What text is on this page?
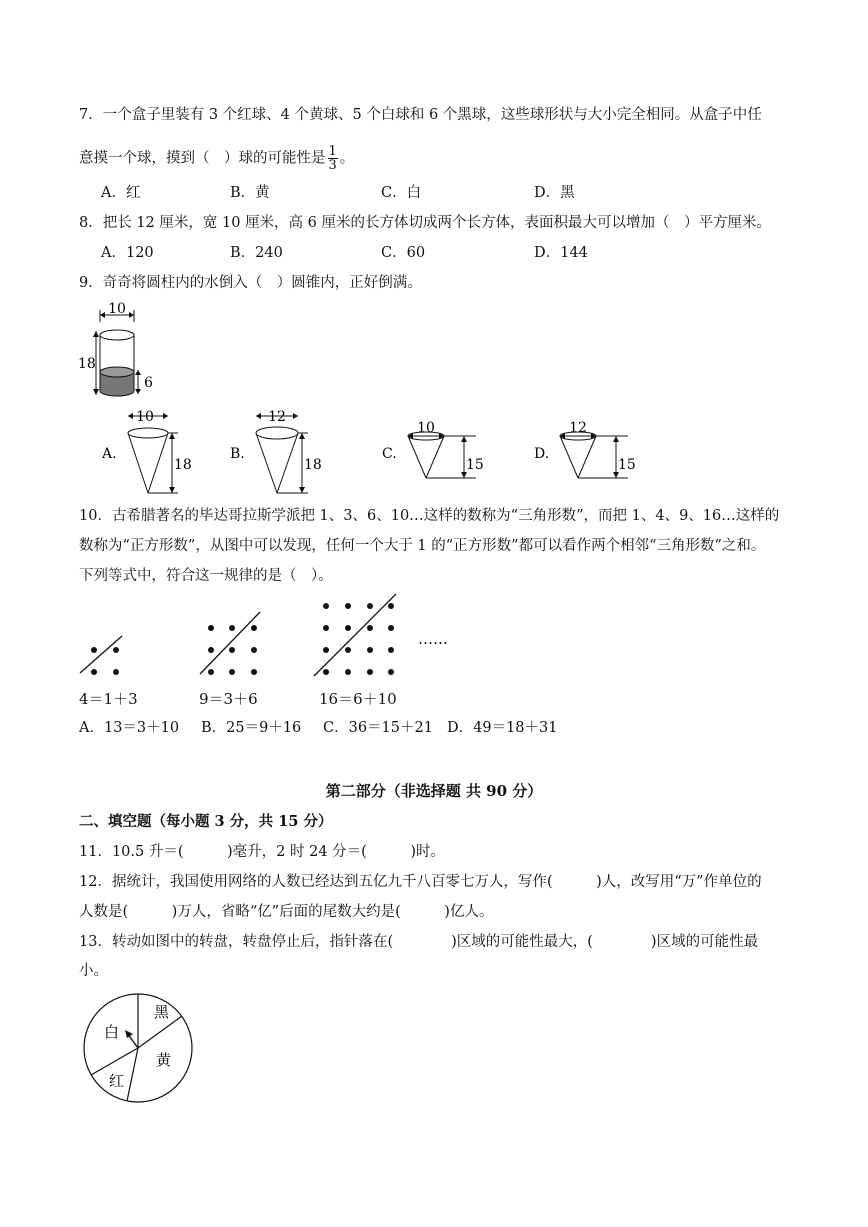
7．一个盒子里装有 3 个红球、4 个黄球、5 个白球和 6 个黑球，这些球形状与大小完全相同。从盒子中任
意摸一个球，摸到（　）球的可能性是 $\frac{1}{3}$ 。
A．红	B．黄	C．白	D．黑
8．把长 12 厘米，宽 10 厘米，高 6 厘米的长方体切成两个长方体，表面积最大可以增加（　）平方厘米。
A．120	B．240	C．60	D．144
9．奇奇将圆柱内的水倒入（　）圆锥内，正好倒满。
10
18
6
A.
10
18
B.
12
18
C.
10
15
D.
12
15
10．古希腊著名的毕达哥拉斯学派把 1、3、6、10…这样的数称为“三角形数”，而把 1、4、9、16…这样的
数称为“正方形数”，从图中可以发现，任何一个大于 1 的“正方形数”都可以看作两个相邻“三角形数”之和。
下列等式中，符合这一规律的是（　）。
……
4＝1＋3	9＝3＋6	16＝6＋10
A．13＝3＋10 B．25＝9＋16 C．36＝15＋21 D．49＝18＋31
第二部分（非选择题 共 90 分）
二、填空题（每小题 3 分，共 15 分）
11．10.5 升＝(　　　)毫升，2 时 24 分＝(　　　)时。
12．据统计，我国使用网络的人数已经达到五亿九千八百零七万人，写作(　　　)人，改写用“万”作单位的
人数是(　　　)万人，省略“亿”后面的尾数大约是(　　　)亿人。
13．转动如图中的转盘，转盘停止后，指针落在(　　　　)区域的可能性最大，(　　　　)区域的可能性最
小。
黑
白
黄
红
